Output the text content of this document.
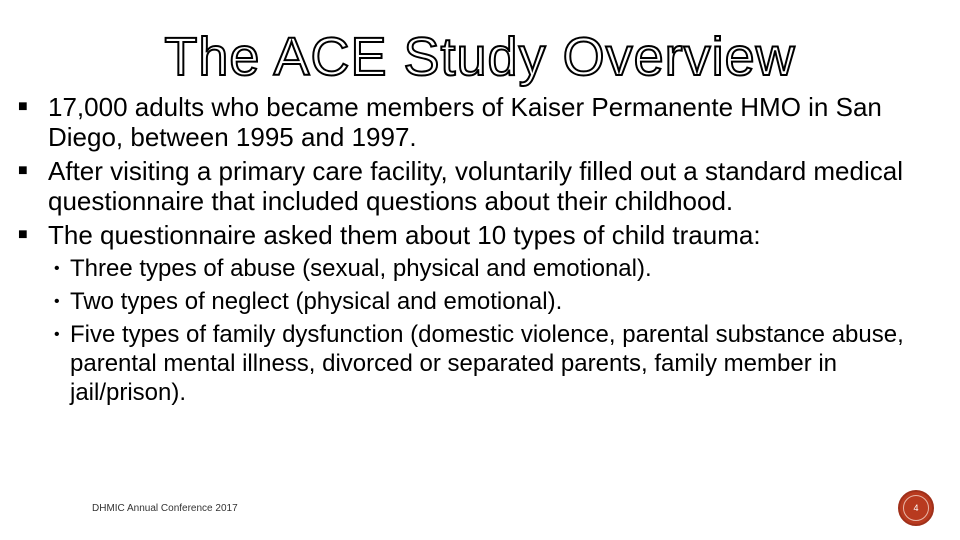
The ACE Study Overview
■ 17,000 adults who became members of Kaiser Permanente HMO in San Diego, between 1995 and 1997.
■ After visiting a primary care facility, voluntarily filled out a standard medical questionnaire that included questions about their childhood.
■ The questionnaire asked them about 10 types of child trauma:
• Three types of abuse (sexual, physical and emotional).
• Two types of neglect (physical and emotional).
• Five types of family dysfunction (domestic violence, parental substance abuse, parental mental illness, divorced or separated parents, family member in jail/prison).
DHMIC Annual Conference 2017	4
